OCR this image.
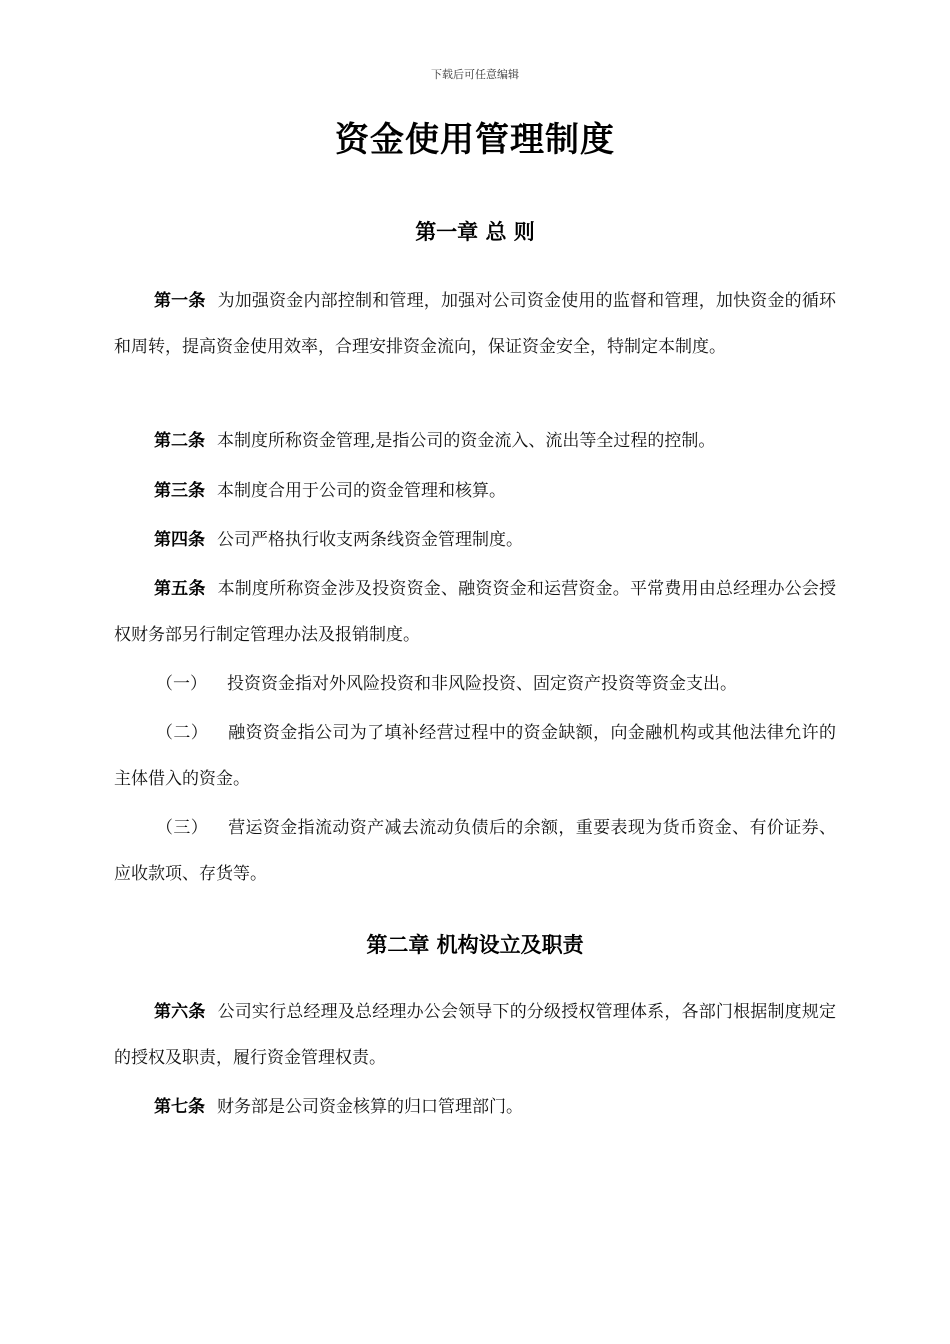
下载后可任意编辑
资金使用管理制度
第一章 总 则
第一条 为加强资金内部控制和管理，加强对公司资金使用的监督和管理，加快资金的循环和周转，提高资金使用效率，合理安排资金流向，保证资金安全，特制定本制度。
第二条 本制度所称资金管理,是指公司的资金流入、流出等全过程的控制。
第三条 本制度合用于公司的资金管理和核算。
第四条 公司严格执行收支两条线资金管理制度。
第五条 本制度所称资金涉及投资资金、融资资金和运营资金。平常费用由总经理办公会授权财务部另行制定管理办法及报销制度。
（一） 投资资金指对外风险投资和非风险投资、固定资产投资等资金支出。
（二） 融资资金指公司为了填补经营过程中的资金缺额，向金融机构或其他法律允许的主体借入的资金。
（三） 营运资金指流动资产减去流动负债后的余额，重要表现为货币资金、有价证券、应收款项、存货等。
第二章 机构设立及职责
第六条 公司实行总经理及总经理办公会领导下的分级授权管理体系，各部门根据制度规定的授权及职责，履行资金管理权责。
第七条 财务部是公司资金核算的归口管理部门。
